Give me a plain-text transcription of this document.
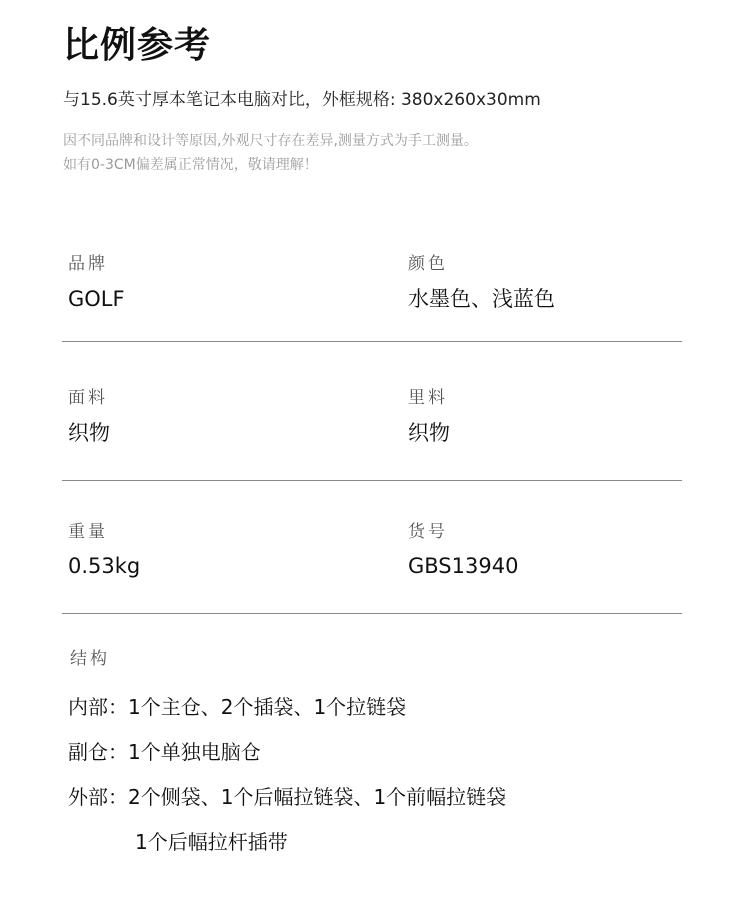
比例参考
与15.6英寸厚本笔记本电脑对比，外框规格: 380x260x30mm
因不同品牌和设计等原因,外观尺寸存在差异,测量方式为手工测量。
如有0-3CM偏差属正常情况，敬请理解！
品牌
GOLF
颜色
水墨色、浅蓝色
面料
织物
里料
织物
重量
0.53kg
货号
GBS13940
结构
内部：1个主仓、2个插袋、1个拉链袋
副仓：1个单独电脑仓
外部：2个侧袋、1个后幅拉链袋、1个前幅拉链袋
1个后幅拉杆插带
